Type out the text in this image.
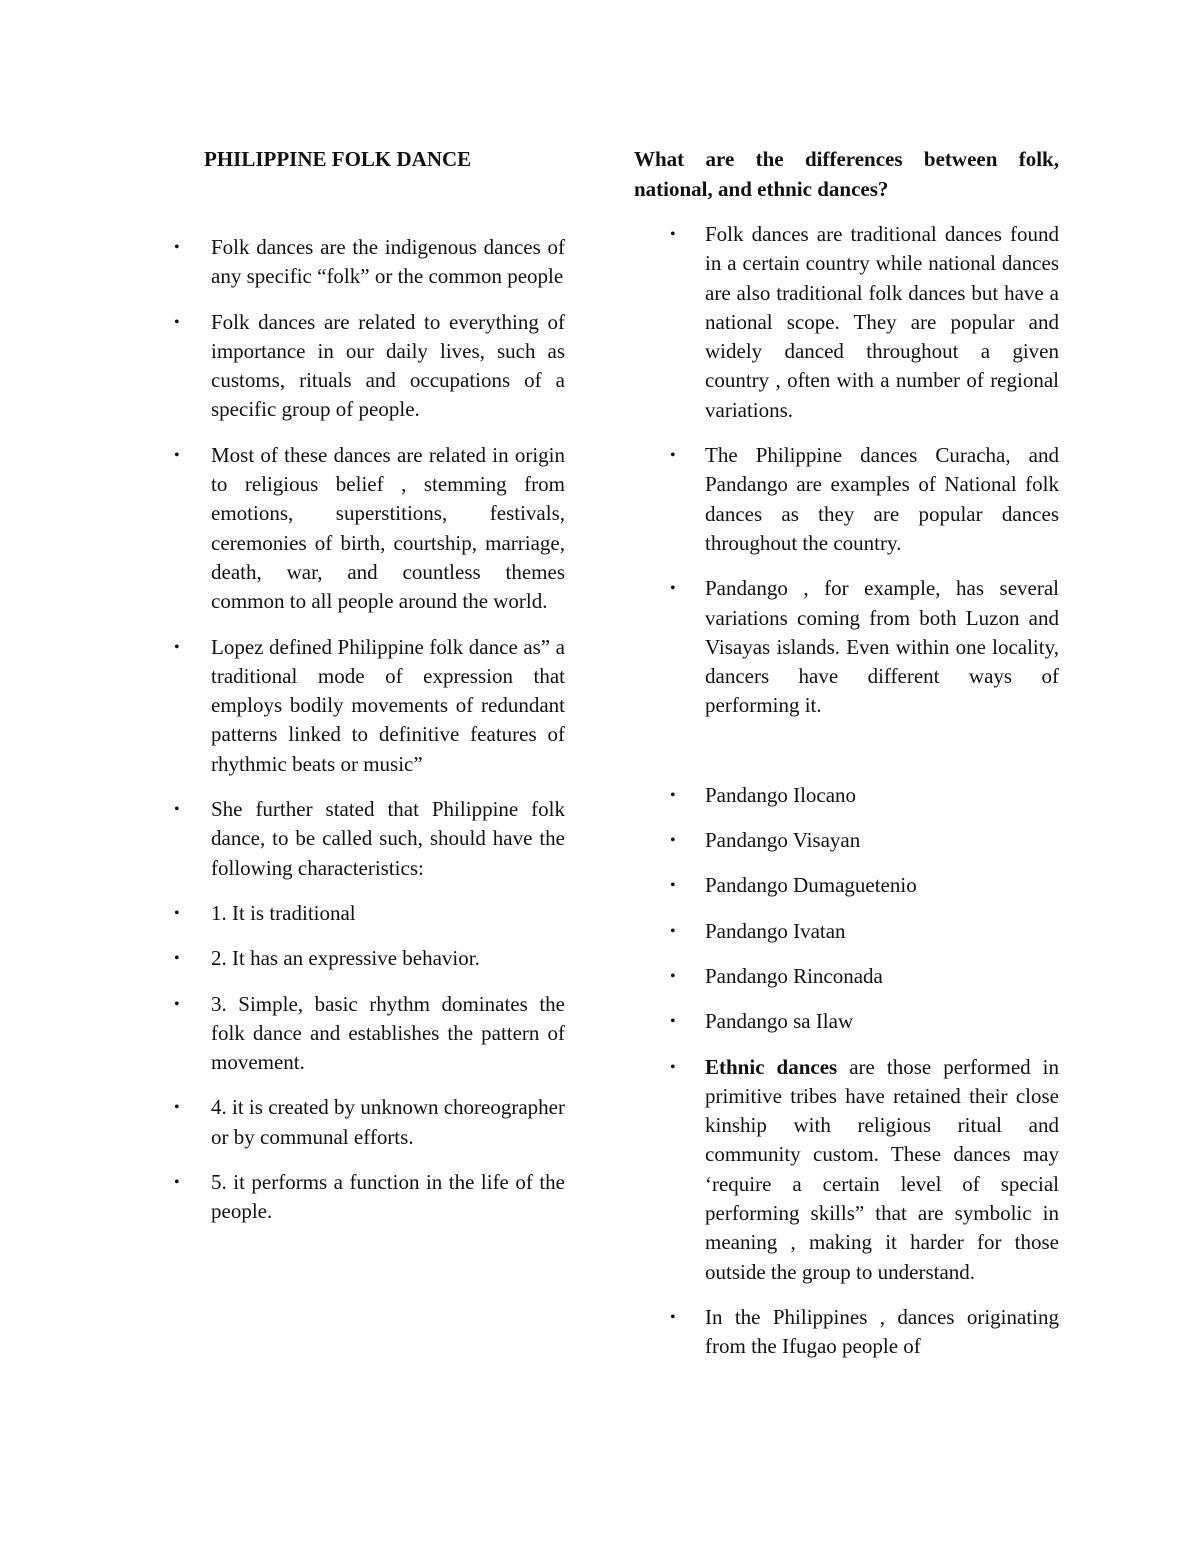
PHILIPPINE FOLK DANCE
• Folk dances are the indigenous dances of any specific “folk” or the common people
• Folk dances are related to everything of importance in our daily lives, such as customs, rituals and occupations of a specific group of people.
• Most of these dances are related in origin to religious belief , stemming from emotions, superstitions, festivals, ceremonies of birth, courtship, marriage, death, war, and countless themes common to all people around the world.
• Lopez defined Philippine folk dance as” a traditional mode of expression that employs bodily movements of redundant patterns linked to definitive features of rhythmic beats or music”
• She further stated that Philippine folk dance, to be called such, should have the following characteristics:
• 1. It is traditional
• 2. It has an expressive behavior.
• 3. Simple, basic rhythm dominates the folk dance and establishes the pattern of movement.
• 4. it is created by unknown choreographer or by communal efforts.
• 5. it performs a function in the life of the people.
What are the differences between folk, national, and ethnic dances?
• Folk dances are traditional dances found in a certain country while national dances are also traditional folk dances but have a national scope. They are popular and widely danced throughout a given country , often with a number of regional variations.
• The Philippine dances Curacha, and Pandango are examples of National folk dances as they are popular dances throughout the country.
• Pandango , for example, has several variations coming from both Luzon and Visayas islands. Even within one locality, dancers have different ways of performing it.
• Pandango Ilocano
• Pandango Visayan
• Pandango Dumaguetenio
• Pandango Ivatan
• Pandango Rinconada
• Pandango sa Ilaw
• Ethnic dances are those performed in primitive tribes have retained their close kinship with religious ritual and community custom. These dances may ‘require a certain level of special performing skills” that are symbolic in meaning , making it harder for those outside the group to understand.
• In the Philippines , dances originating from the Ifugao people of
